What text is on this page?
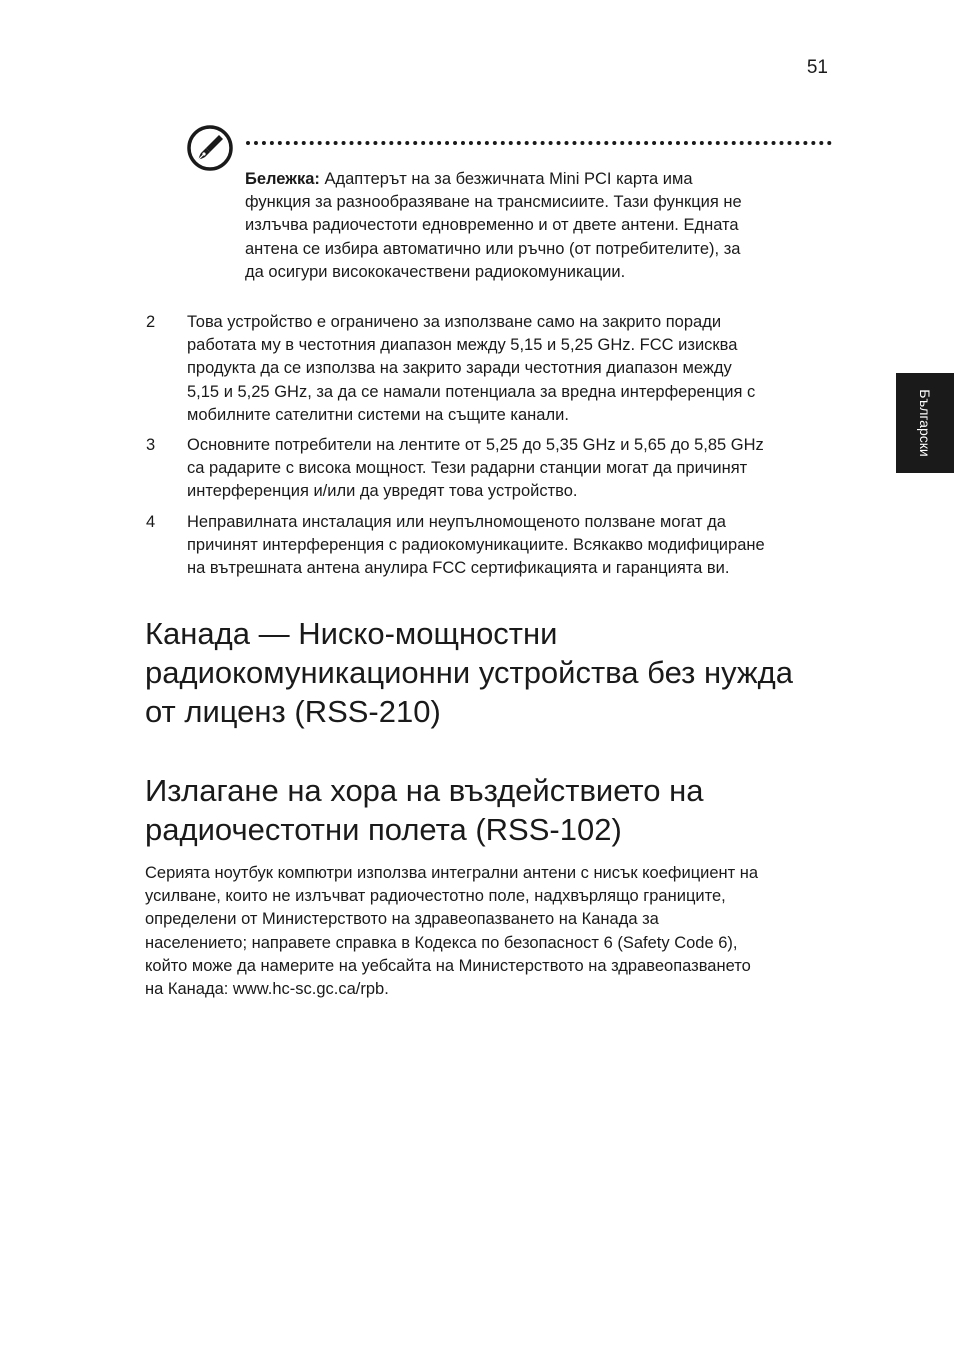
51
Български

Бележка: Адаптерът на за безжичната Mini PCI карта има
функция за разнообразяване на трансмисиите. Тази функция не
излъчва радиочестоти едновременно и от двете антени. Едната
антена се избира автоматично или ръчно (от потребителите), за
да осигури висококачествени радиокомуникации.

2 Това устройство е ограничено за използване само на закрито поради
работата му в честотния диапазон между 5,15 и 5,25 GHz. FCC изисква
продукта да се използва на закрито заради честотния диапазон между
5,15 и 5,25 GHz, за да се намали потенциала за вредна интерференция с
мобилните сателитни системи на същите канали.
3 Основните потребители на лентите от 5,25 до 5,35 GHz и 5,65 до 5,85 GHz
са радарите с висока мощност. Тези радарни станции могат да причинят
интерференция и/или да увредят това устройство.
4 Неправилната инсталация или неупълномощеното ползване могат да
причинят интерференция с радиокомуникациите. Всякакво модифициране
на вътрешната антена анулира FCC сертификацията и гаранцията ви.
Канада — Ниско-мощностни
радиокомуникационни устройства без нужда
от лиценз (RSS-210)
Излагане на хора на въздействието на
радиочестотни полета (RSS-102)

Серията ноутбук компютри използва интегрални антени с нисък коефициент на
усилване, които не излъчват радиочестотно поле, надхвърлящо границите,
определени от Министерството на здравеопазването на Канада за
населението; направете справка в Кодекса по безопасност 6 (Safety Code 6),
който може да намерите на уебсайта на Министерството на здравеопазването
на Канада: www.hc-sc.gc.ca/rpb.
